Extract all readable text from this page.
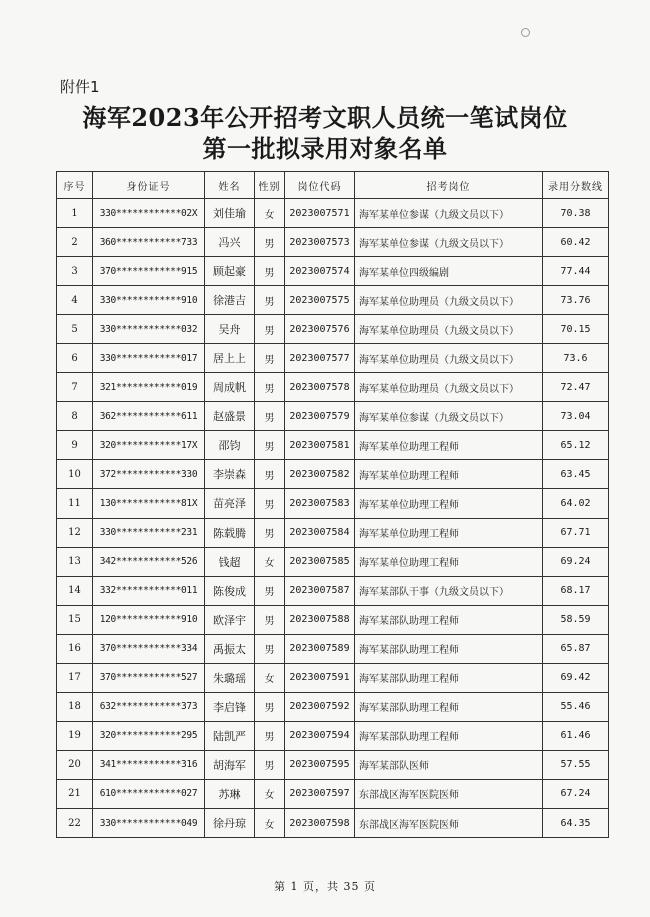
附件1
海军2023年公开招考文职人员统一笔试岗位
第一批拟录用对象名单
序号	身份证号	姓名	性别	岗位代码	招考岗位	录用分数线
1	330************02X	刘佳瑜	女	2023007571	海军某单位参谋（九级文员以下）	70.38
2	360************733	冯兴	男	2023007573	海军某单位参谋（九级文员以下）	60.42
3	370************915	顾起豪	男	2023007574	海军某单位四级编剧	77.44
4	330************910	徐港吉	男	2023007575	海军某单位助理员（九级文员以下）	73.76
5	330************032	吴舟	男	2023007576	海军某单位助理员（九级文员以下）	70.15
6	330************017	居上上	男	2023007577	海军某单位助理员（九级文员以下）	73.6
7	321************019	周成帆	男	2023007578	海军某单位助理员（九级文员以下）	72.47
8	362************611	赵盛景	男	2023007579	海军某单位参谋（九级文员以下）	73.04
9	320************17X	邵钧	男	2023007581	海军某单位助理工程师	65.12
10	372************330	李崇森	男	2023007582	海军某单位助理工程师	63.45
11	130************81X	苗亮泽	男	2023007583	海军某单位助理工程师	64.02
12	330************231	陈载腾	男	2023007584	海军某单位助理工程师	67.71
13	342************526	钱超	女	2023007585	海军某单位助理工程师	69.24
14	332************011	陈俊成	男	2023007587	海军某部队干事（九级文员以下）	68.17
15	120************910	欧泽宇	男	2023007588	海军某部队助理工程师	58.59
16	370************334	禹振太	男	2023007589	海军某部队助理工程师	65.87
17	370************527	朱璐瑶	女	2023007591	海军某部队助理工程师	69.42
18	632************373	李启锋	男	2023007592	海军某部队助理工程师	55.46
19	320************295	陆凯严	男	2023007594	海军某部队助理工程师	61.46
20	341************316	胡海军	男	2023007595	海军某部队医师	57.55
21	610************027	苏琳	女	2023007597	东部战区海军医院医师	67.24
22	330************049	徐丹琼	女	2023007598	东部战区海军医院医师	64.35
第 1 页，共 35 页
